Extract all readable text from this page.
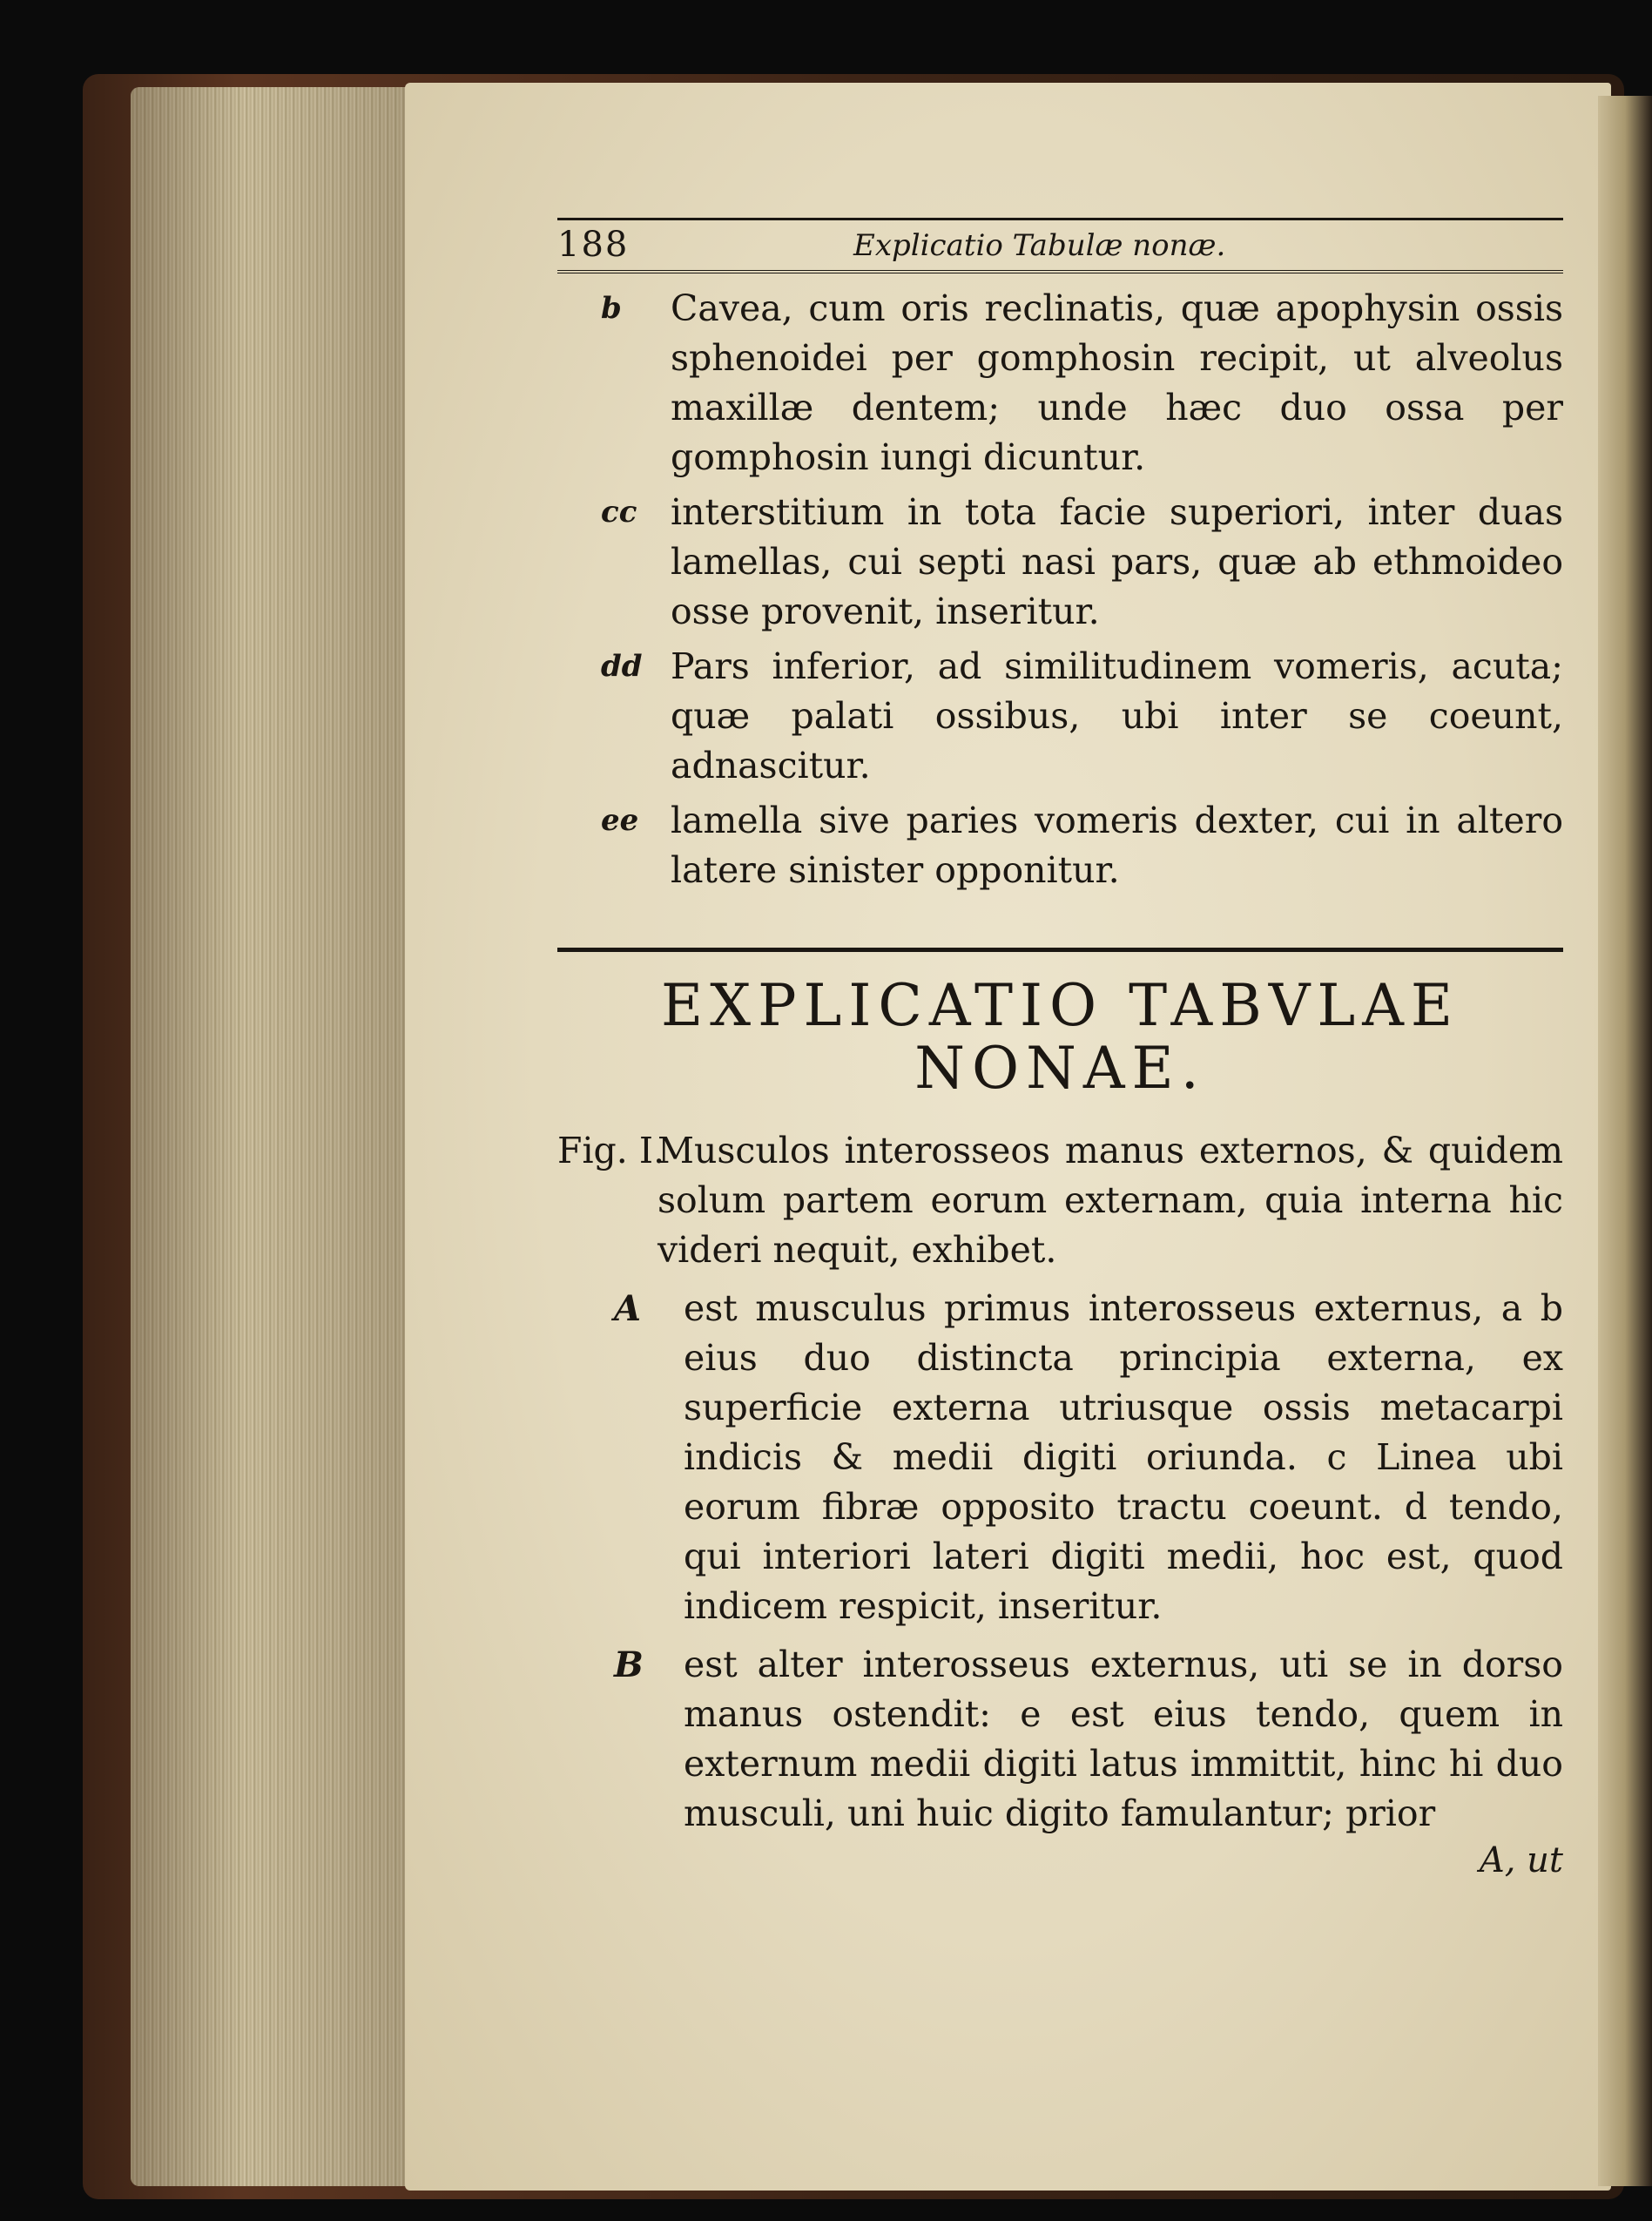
188	Explicatio Tabulæ nonæ.
b Cavea, cum oris reclinatis, quæ apophysin ossis sphenoidei per gomphosin recipit, ut alveolus maxillæ dentem; unde hæc duo ossa per gomphosin iungi dicuntur.
cc interstitium in tota facie superiori, inter duas lamellas, cui septi nasi pars, quæ ab ethmoideo osse provenit, inseritur.
dd Pars inferior, ad similitudinem vomeris, acuta; quæ palati ossibus, ubi inter se coeunt, adnascitur.
ee lamella sive paries vomeris dexter, cui in altero latere sinister opponitur.
EXPLICATIO TABVLAE
NONAE.
Fig. I.
Musculos interosseos manus externos, & quidem solum partem eorum externam, quia interna hic videri nequit, exhibet.
A est musculus primus interosseus externus, a b eius duo distincta principia externa, ex superficie externa utriusque ossis metacarpi indicis & medii digiti oriunda. c Linea ubi eorum fibræ opposito tractu coeunt. d tendo, qui interiori lateri digiti medii, hoc est, quod indicem respicit, inseritur.
B est alter interosseus externus, uti se in dorso manus ostendit: e est eius tendo, quem in externum medii digiti latus immittit, hinc hi duo musculi, uni huic digito famulantur; prior
A, ut
